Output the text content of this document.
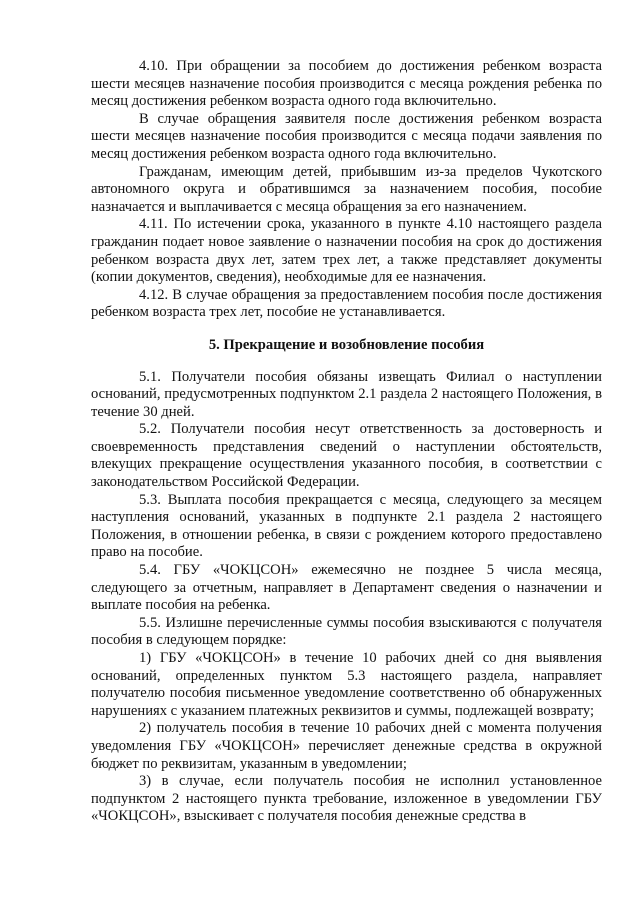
4.10. При обращении за пособием до достижения ребенком возраста шести месяцев назначение пособия производится с месяца рождения ребенка по месяц достижения ребенком возраста одного года включительно.

В случае обращения заявителя после достижения ребенком возраста шести месяцев назначение пособия производится с месяца подачи заявления по месяц достижения ребенком возраста одного года включительно.

Гражданам, имеющим детей, прибывшим из-за пределов Чукотского автономного округа и обратившимся за назначением пособия, пособие назначается и выплачивается с месяца обращения за его назначением.

4.11. По истечении срока, указанного в пункте 4.10 настоящего раздела гражданин подает новое заявление о назначении пособия на срок до достижения ребенком возраста двух лет, затем трех лет, а также представляет документы (копии документов, сведения), необходимые для ее назначения.

4.12. В случае обращения за предоставлением пособия после достижения ребенком возраста трех лет, пособие не устанавливается.

5. Прекращение и возобновление пособия

5.1. Получатели пособия обязаны извещать Филиал о наступлении оснований, предусмотренных подпунктом 2.1 раздела 2 настоящего Положения, в течение 30 дней.

5.2. Получатели пособия несут ответственность за достоверность и своевременность представления сведений о наступлении обстоятельств, влекущих прекращение осуществления указанного пособия, в соответствии с законодательством Российской Федерации.

5.3. Выплата пособия прекращается с месяца, следующего за месяцем наступления оснований, указанных в подпункте 2.1 раздела 2 настоящего Положения, в отношении ребенка, в связи с рождением которого предоставлено право на пособие.

5.4. ГБУ «ЧОКЦСОН» ежемесячно не позднее 5 числа месяца, следующего за отчетным, направляет в Департамент сведения о назначении и выплате пособия на ребенка.

5.5. Излишне перечисленные суммы пособия взыскиваются с получателя пособия в следующем порядке:

1) ГБУ «ЧОКЦСОН» в течение 10 рабочих дней со дня выявления оснований, определенных пунктом 5.3 настоящего раздела, направляет получателю пособия письменное уведомление соответственно об обнаруженных нарушениях с указанием платежных реквизитов и суммы, подлежащей возврату;

2) получатель пособия в течение 10 рабочих дней с момента получения уведомления ГБУ «ЧОКЦСОН» перечисляет денежные средства в окружной бюджет по реквизитам, указанным в уведомлении;

3) в случае, если получатель пособия не исполнил установленное подпунктом 2 настоящего пункта требование, изложенное в уведомлении ГБУ «ЧОКЦСОН», взыскивает с получателя пособия денежные средства в
